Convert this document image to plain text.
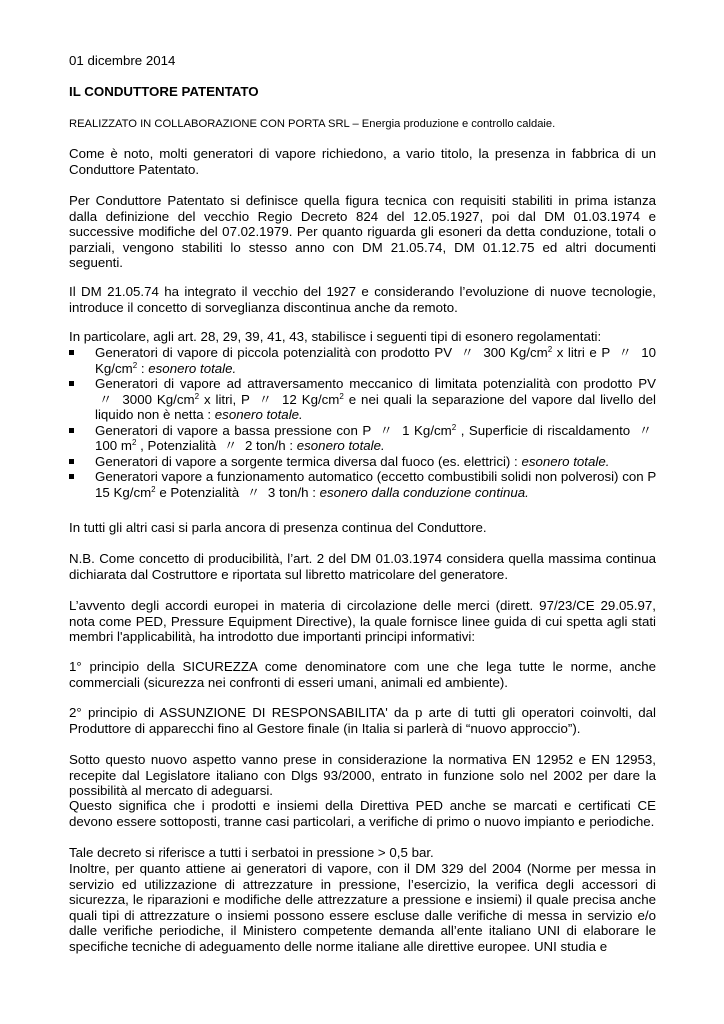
01 dicembre 2014

IL CONDUTTORE PATENTATO

REALIZZATO IN COLLABORAZIONE CON PORTA SRL – Energia produzione e controllo caldaie.

Come è noto, molti generatori di vapore richiedono, a vario titolo, la presenza in fabbrica di un Conduttore Patentato.

Per Conduttore Patentato si definisce quella figura tecnica con requisiti stabiliti in prima istanza dalla definizione del vecchio Regio Decreto 824 del 12.05.1927, poi dal DM 01.03.1974 e successive modifiche del 07.02.1979. Per quanto riguarda gli esoneri da detta conduzione, totali o parziali, vengono stabiliti lo stesso anno con DM 21.05.74, DM 01.12.75 ed altri documenti seguenti.

Il DM 21.05.74 ha integrato il vecchio del 1927 e considerando l’evoluzione di nuove tecnologie, introduce il concetto di sorveglianza discontinua anche da remoto.

In particolare, agli art. 28, 29, 39, 41, 43, stabilisce i seguenti tipi di esonero regolamentati:

Generatori di vapore di piccola potenzialità con prodotto PV 〃 300 $Kg/cm^2$ x litri e P 〃 10 $Kg/cm^2$ : esonero totale.
Generatori di vapore ad attraversamento meccanico di limitata potenzialità con prodotto PV 〃 3000 $Kg/cm^2$ x litri, P 〃 12 $Kg/cm^2$ e nei quali la separazione del vapore dal livello del liquido non è netta : esonero totale.
Generatori di vapore a bassa pressione con P 〃 1 $Kg/cm^2$ , Superficie di riscaldamento 〃 100 $m^2$ , Potenzialità 〃 2 ton/h : esonero totale.
Generatori di vapore a sorgente termica diversa dal fuoco (es. elettrici) : esonero totale.
Generatori vapore a funzionamento automatico (eccetto combustibili solidi non polverosi) con P 15 $Kg/cm^2$ e Potenzialità 〃 3 ton/h : esonero dalla conduzione continua.

In tutti gli altri casi si parla ancora di presenza continua del Conduttore.

N.B. Come concetto di producibilità, l’art. 2 del DM 01.03.1974 considera quella massima continua dichiarata dal Costruttore e riportata sul libretto matricolare del generatore.

L’avvento degli accordi europei in materia di circolazione delle merci (dirett. 97/23/CE 29.05.97, nota come PED, Pressure Equipment Directive), la quale fornisce linee guida di cui spetta agli stati membri l'applicabilità, ha introdotto due importanti principi informativi:

1° principio della SICUREZZA come denominatore com une che lega tutte le norme, anche commerciali (sicurezza nei confronti di esseri umani, animali ed ambiente).

2° principio di ASSUNZIONE DI RESPONSABILITA' da p arte di tutti gli operatori coinvolti, dal Produttore di apparecchi fino al Gestore finale (in Italia si parlerà di “nuovo approccio”).

Sotto questo nuovo aspetto vanno prese in considerazione la normativa EN 12952 e EN 12953, recepite dal Legislatore italiano con Dlgs 93/2000, entrato in funzione solo nel 2002 per dare la possibilità al mercato di adeguarsi.

Questo significa che i prodotti e insiemi della Direttiva PED anche se marcati e certificati CE devono essere sottoposti, tranne casi particolari, a verifiche di primo o nuovo impianto e periodiche.

Tale decreto si riferisce a tutti i serbatoi in pressione > 0,5 bar.

Inoltre, per quanto attiene ai generatori di vapore, con il DM 329 del 2004 (Norme per messa in servizio ed utilizzazione di attrezzature in pressione, l’esercizio, la verifica degli accessori di sicurezza, le riparazioni e modifiche delle attrezzature a pressione e insiemi) il quale precisa anche quali tipi di attrezzature o insiemi possono essere escluse dalle verifiche di messa in servizio e/o dalle verifiche periodiche, il Ministero competente demanda all’ente italiano UNI di elaborare le specifiche tecniche di adeguamento delle norme italiane alle direttive europee. UNI studia e
